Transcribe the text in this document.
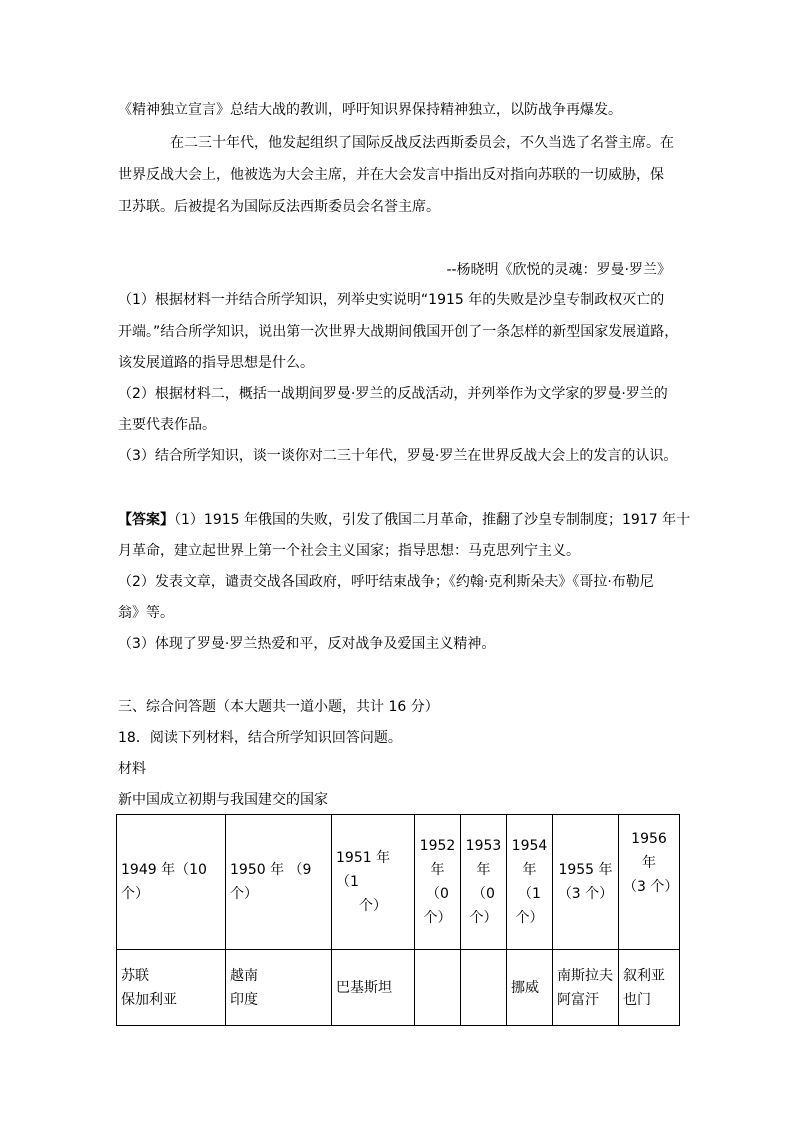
《精神独立宣言》总结大战的教训，呼吁知识界保持精神独立，以防战争再爆发。
在二三十年代，他发起组织了国际反战反法西斯委员会，不久当选了名誉主席。在
世界反战大会上，他被选为大会主席，并在大会发言中指出反对指向苏联的一切威胁，保
卫苏联。后被提名为国际反法西斯委员会名誉主席。
--杨晓明《欣悦的灵魂：罗曼·罗兰》
（1）根据材料一并结合所学知识，列举史实说明“1915 年的失败是沙皇专制政权灭亡的
开端。”结合所学知识，说出第一次世界大战期间俄国开创了一条怎样的新型国家发展道路，
该发展道路的指导思想是什么。
（2）根据材料二，概括一战期间罗曼·罗兰的反战活动，并列举作为文学家的罗曼·罗兰的
主要代表作品。
（3）结合所学知识，谈一谈你对二三十年代，罗曼·罗兰在世界反战大会上的发言的认识。
【答案】（1）1915 年俄国的失败，引发了俄国二月革命，推翻了沙皇专制制度；1917 年十
月革命，建立起世界上第一个社会主义国家；指导思想：马克思列宁主义。
（2）发表文章，谴责交战各国政府，呼吁结束战争；《约翰·克利斯朵夫》《哥拉·布勒尼
翁》等。
（3）体现了罗曼·罗兰热爱和平，反对战争及爱国主义精神。
三、综合问答题（本大题共一道小题，共计 16 分）
18．阅读下列材料，结合所学知识回答问题。
材料
新中国成立初期与我国建交的国家
1949 年（10 个）	1950 年 （9 个）	1951 年（1
个）	1952
年
（0
个）	1953
年
（0
个）	1954
年
（1
个）	1955 年
（3 个）	1956 年
（3 个）

苏联
保加利亚	越南
印度	巴基斯坦			挪威	南斯拉夫
阿富汗	叙利亚
也门
